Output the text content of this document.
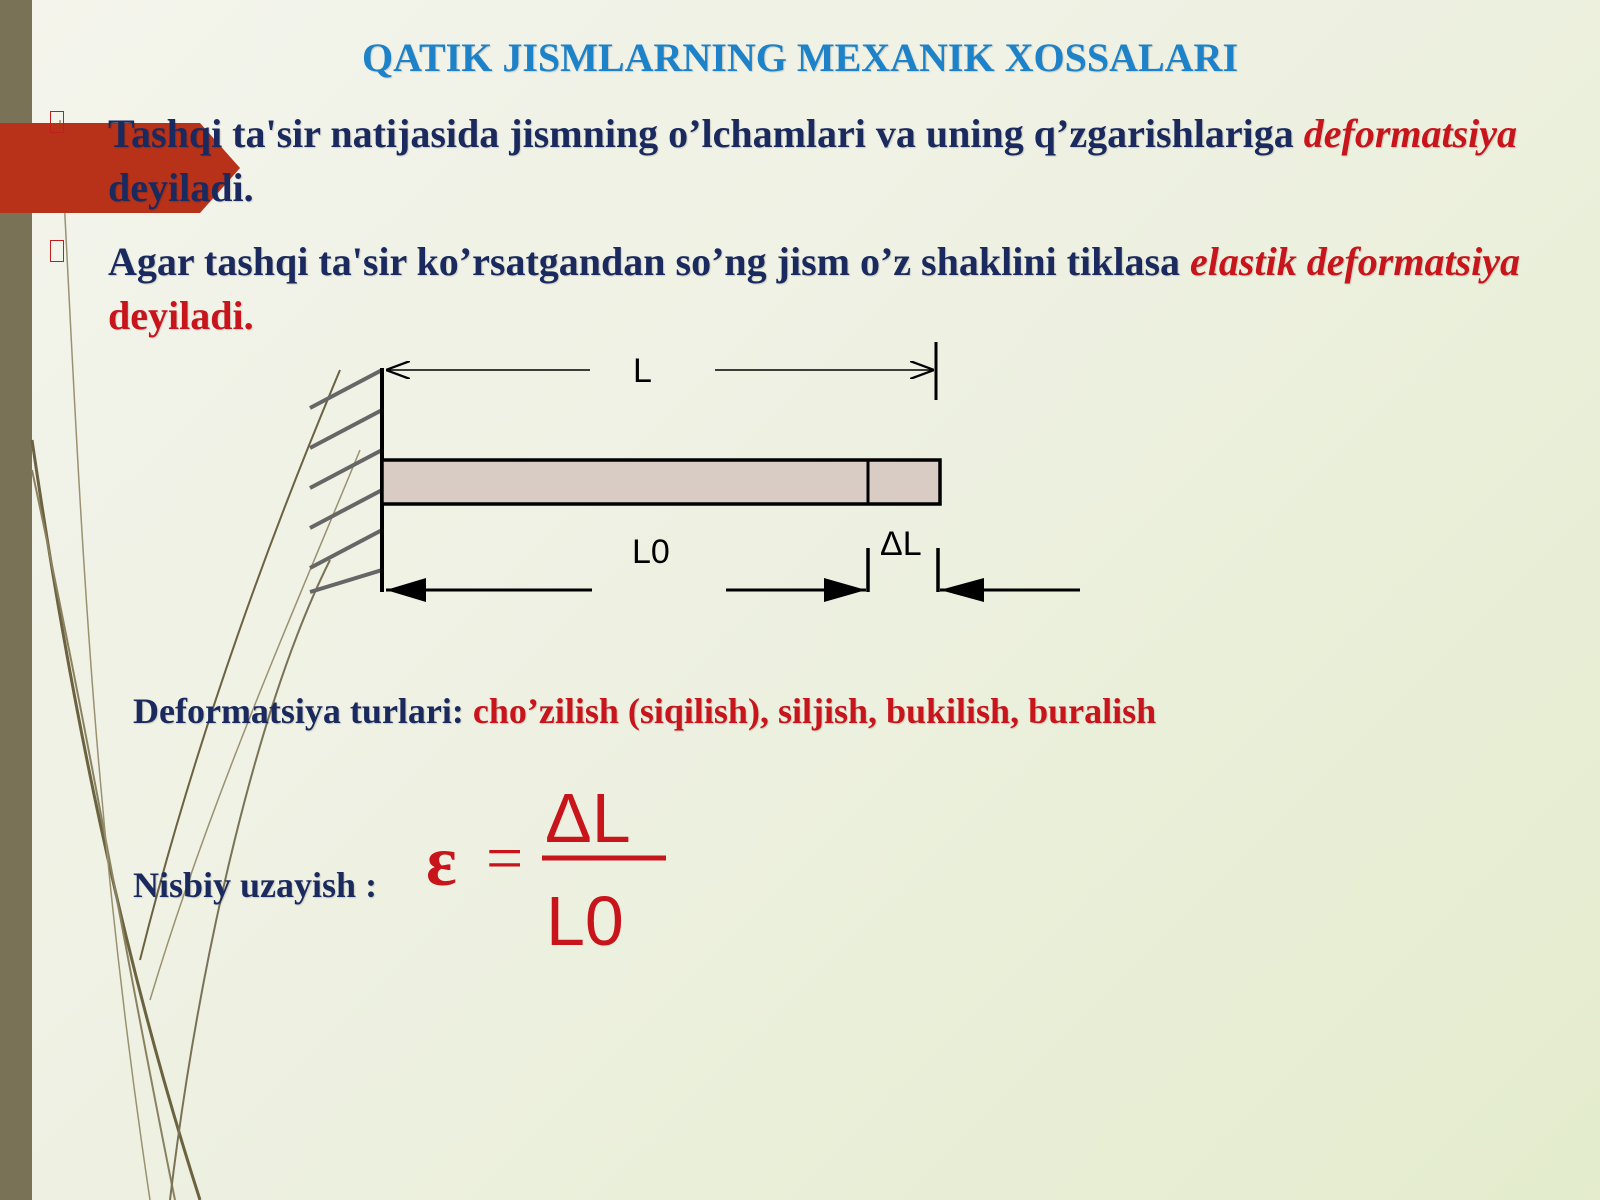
QATIK JISMLARNING MEXANIK XOSSALARI
Tashqi ta'sir natijasida jismning o’lchamlari va uning q’zgarishlariga deformatsiya deyiladi.
Agar tashqi ta'sir ko’rsatgandan so’ng jism o’z shaklini tiklasa elastik deformatsiya deyiladi.
L
L0	ΔL
Deformatsiya turlari: cho’zilish (siqilish), siljish, bukilish, buralish
Nisbiy uzayish : ε =
ΔL
L0
